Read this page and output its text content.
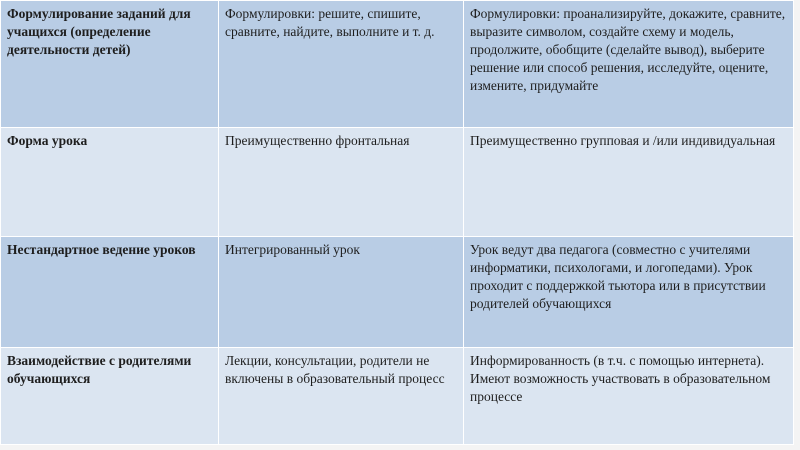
Формулирование заданий для учащихся (определение деятельности детей)	Формулировки: решите, спишите, сравните, найдите, выполните и т. д.	Формулировки: проанализируйте, докажите, сравните, выразите символом, создайте схему и модель, продолжите, обобщите (сделайте вывод), выберите решение или способ решения, исследуйте, оцените, измените, придумайте

Форма урока	Преимущественно фронтальная	Преимущественно групповая и /или индивидуальная

Нестандартное ведение уроков	Интегрированный урок	Урок ведут два педагога (совместно с учителями информатики, психологами, и логопедами). Урок проходит с поддержкой тьютора или в присутствии родителей обучающихся

Взаимодействие с родителями обучающихся	Лекции, консультации, родители не включены в образовательный процесс	Информированность (в т.ч. с помощью интернета). Имеют возможность участвовать в образовательном процессе
